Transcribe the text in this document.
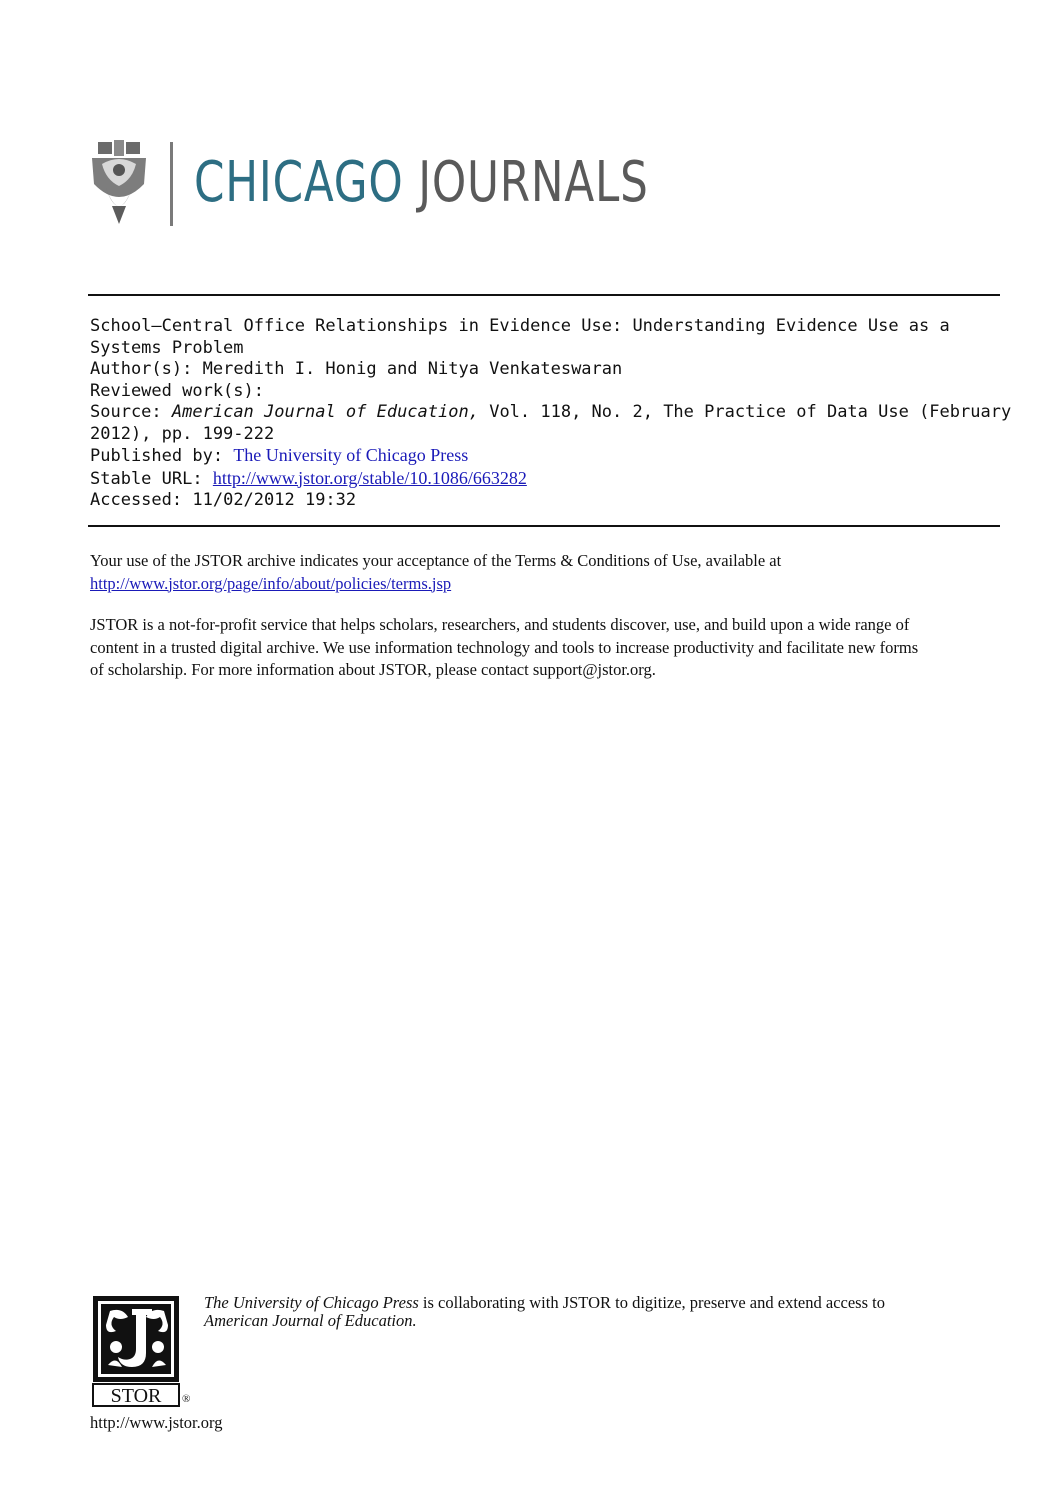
CHICAGO JOURNALS
School—Central Office Relationships in Evidence Use: Understanding Evidence Use as a
Systems Problem
Author(s): Meredith I. Honig and Nitya Venkateswaran
Reviewed work(s):
Source: American Journal of Education, Vol. 118, No. 2, The Practice of Data Use (February
2012), pp. 199-222
Published by: The University of Chicago Press
Stable URL: http://www.jstor.org/stable/10.1086/663282
Accessed: 11/02/2012 19:32
Your use of the JSTOR archive indicates your acceptance of the Terms & Conditions of Use, available at
http://www.jstor.org/page/info/about/policies/terms.jsp
JSTOR is a not-for-profit service that helps scholars, researchers, and students discover, use, and build upon a wide range of
content in a trusted digital archive. We use information technology and tools to increase productivity and facilitate new forms
of scholarship. For more information about JSTOR, please contact support@jstor.org.
STOR ®
The University of Chicago Press is collaborating with JSTOR to digitize, preserve and extend access to
American Journal of Education.
http://www.jstor.org
